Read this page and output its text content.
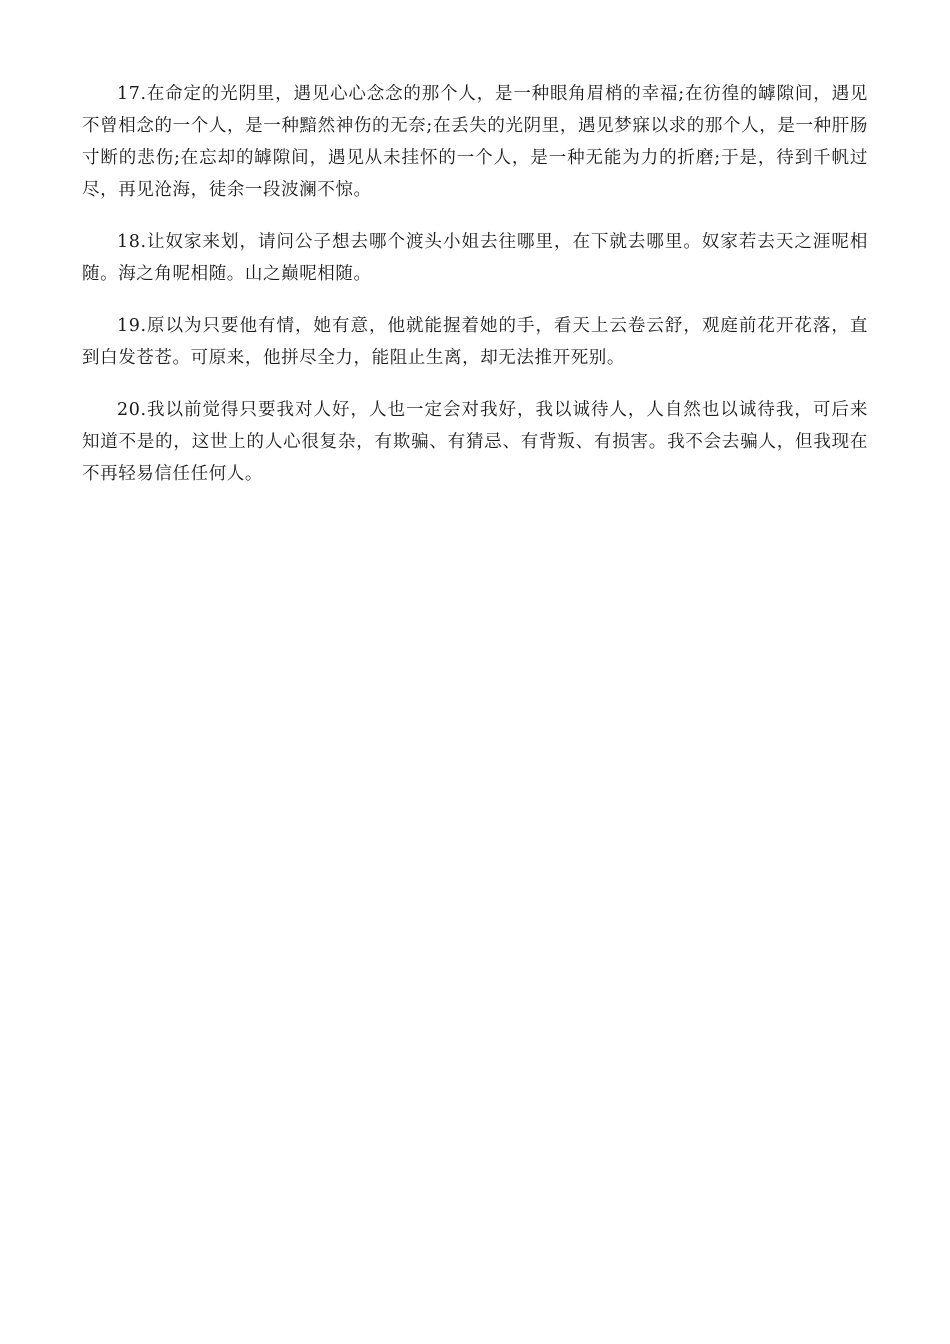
17.在命定的光阴里，遇见心心念念的那个人，是一种眼角眉梢的幸福;在彷徨的罅隙间，遇见不曾相念的一个人，是一种黯然神伤的无奈;在丢失的光阴里，遇见梦寐以求的那个人，是一种肝肠寸断的悲伤;在忘却的罅隙间，遇见从未挂怀的一个人，是一种无能为力的折磨;于是，待到千帆过尽，再见沧海，徒余一段波澜不惊。

18.让奴家来划，请问公子想去哪个渡头小姐去往哪里，在下就去哪里。奴家若去天之涯呢相随。海之角呢相随。山之巅呢相随。

19.原以为只要他有情，她有意，他就能握着她的手，看天上云卷云舒，观庭前花开花落，直到白发苍苍。可原来，他拼尽全力，能阻止生离，却无法推开死别。

20.我以前觉得只要我对人好，人也一定会对我好，我以诚待人，人自然也以诚待我，可后来知道不是的，这世上的人心很复杂，有欺骗、有猜忌、有背叛、有损害。我不会去骗人，但我现在不再轻易信任任何人。
